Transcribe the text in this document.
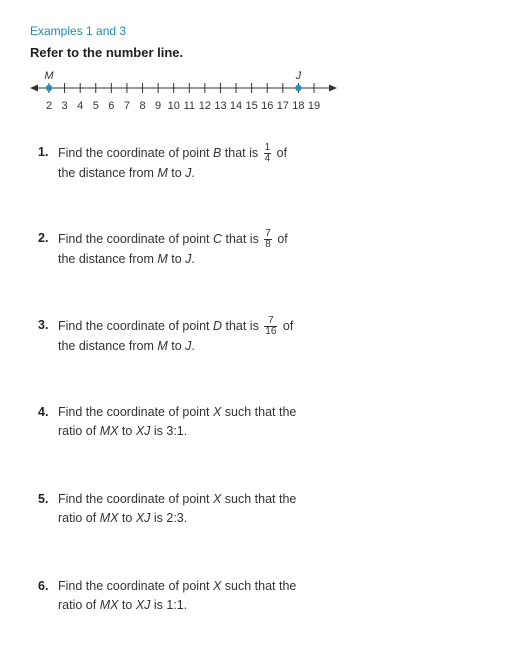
Examples 1 and 3
Refer to the number line.
2 3 4 5 6 7 8 9 10 11 12 13 14 15 16 17 18 19
M	J
1. Find the coordinate of point B that is $\frac{1}{4}$ of
the distance from M to J.
2. Find the coordinate of point C that is $\frac{7}{8}$ of
the distance from M to J.
3. Find the coordinate of point D that is $\frac{7}{16}$ of
the distance from M to J.
4. Find the coordinate of point X such that the
ratio of MX to XJ is 3:1.
5. Find the coordinate of point X such that the
ratio of MX to XJ is 2:3.
6. Find the coordinate of point X such that the
ratio of MX to XJ is 1:1.
